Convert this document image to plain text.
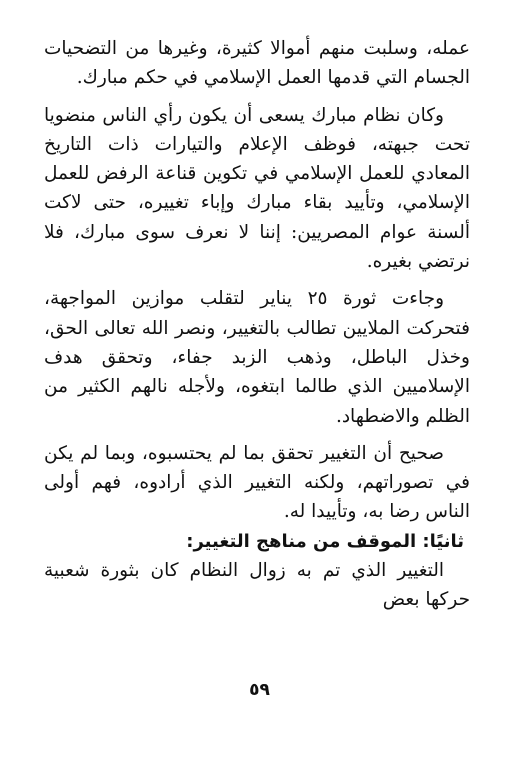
عمله، وسلبت منهم أموالا كثيرة، وغيرها من التضحيات الجسام التي قدمها العمل الإسلامي في حكم مبارك.

وكان نظام مبارك يسعى أن يكون رأي الناس منضويا تحت جبهته، فوظف الإعلام والتيارات ذات التاريخ المعادي للعمل الإسلامي في تكوين قناعة الرفض للعمل الإسلامي، وتأييد بقاء مبارك وإباء تغييره، حتى لاكت ألسنة عوام المصريين: إننا لا نعرف سوى مبارك، فلا نرتضي بغيره.

وجاءت ثورة ٢٥ يناير لتقلب موازين المواجهة، فتحركت الملايين تطالب بالتغيير، ونصر الله تعالى الحق، وخذل الباطل، وذهب الزبد جفاء، وتحقق هدف الإسلاميين الذي طالما ابتغوه، ولأجله نالهم الكثير من الظلم والاضطهاد.

صحيح أن التغيير تحقق بما لم يحتسبوه، وبما لم يكن في تصوراتهم، ولكنه التغيير الذي أرادوه، فهم أولى الناس رضا به، وتأييدا له.

ثانيًا: الموقف من مناهج التغيير:

التغيير الذي تم به زوال النظام كان بثورة شعبية حركها بعض

٥٩
